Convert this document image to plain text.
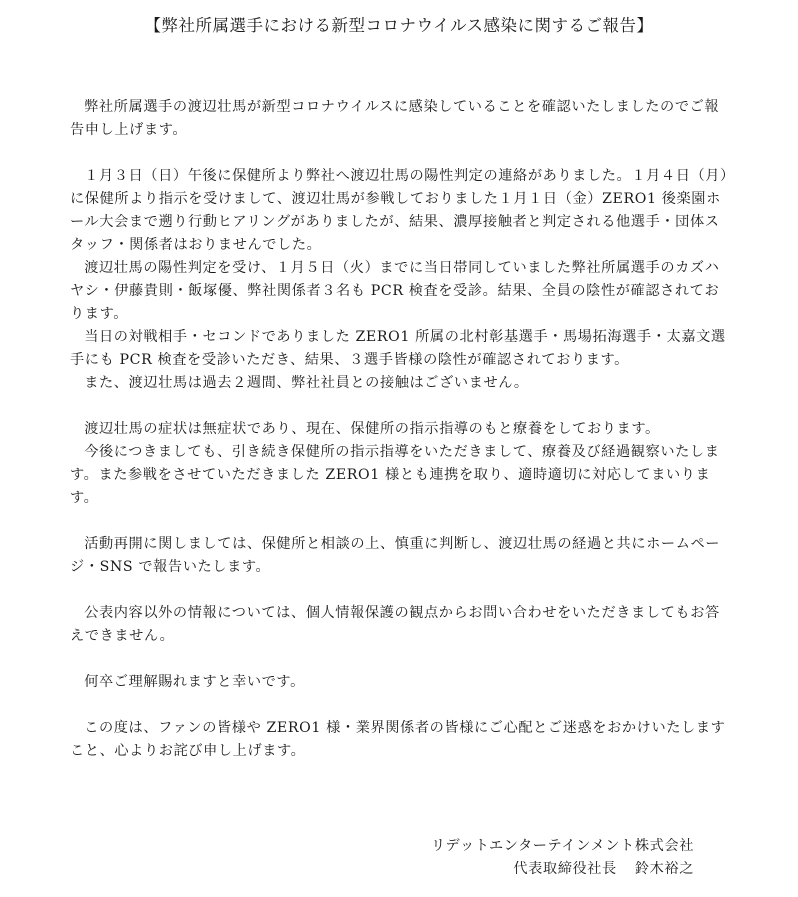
【弊社所属選手における新型コロナウイルス感染に関するご報告】

弊社所属選手の渡辺壮馬が新型コロナウイルスに感染していることを確認いたしましたのでご報告申し上げます。

１月３日（日）午後に保健所より弊社へ渡辺壮馬の陽性判定の連絡がありました。１月４日（月）に保健所より指示を受けまして、渡辺壮馬が参戦しておりました１月１日（金）ZERO1 後楽園ホール大会まで遡り行動ヒアリングがありましたが、結果、濃厚接触者と判定される他選手・団体スタッフ・関係者はおりませんでした。

渡辺壮馬の陽性判定を受け、１月５日（火）までに当日帯同していました弊社所属選手のカズハヤシ・伊藤貴則・飯塚優、弊社関係者３名も PCR 検査を受診。結果、全員の陰性が確認されております。

当日の対戦相手・セコンドでありました ZERO1 所属の北村彰基選手・馬場拓海選手・太嘉文選手にも PCR 検査を受診いただき、結果、３選手皆様の陰性が確認されております。

また、渡辺壮馬は過去２週間、弊社社員との接触はございません。

渡辺壮馬の症状は無症状であり、現在、保健所の指示指導のもと療養をしております。

今後につきましても、引き続き保健所の指示指導をいただきまして、療養及び経過観察いたします。また参戦をさせていただきました ZERO1 様とも連携を取り、適時適切に対応してまいります。

活動再開に関しましては、保健所と相談の上、慎重に判断し、渡辺壮馬の経過と共にホームページ・SNS で報告いたします。

公表内容以外の情報については、個人情報保護の観点からお問い合わせをいただきましてもお答えできません。

何卒ご理解賜れますと幸いです。

この度は、ファンの皆様や ZERO1 様・業界関係者の皆様にご心配とご迷惑をおかけいたしますこと、心よりお詫び申し上げます。

リデットエンターテインメント株式会社
代表取締役社長 鈴木裕之
